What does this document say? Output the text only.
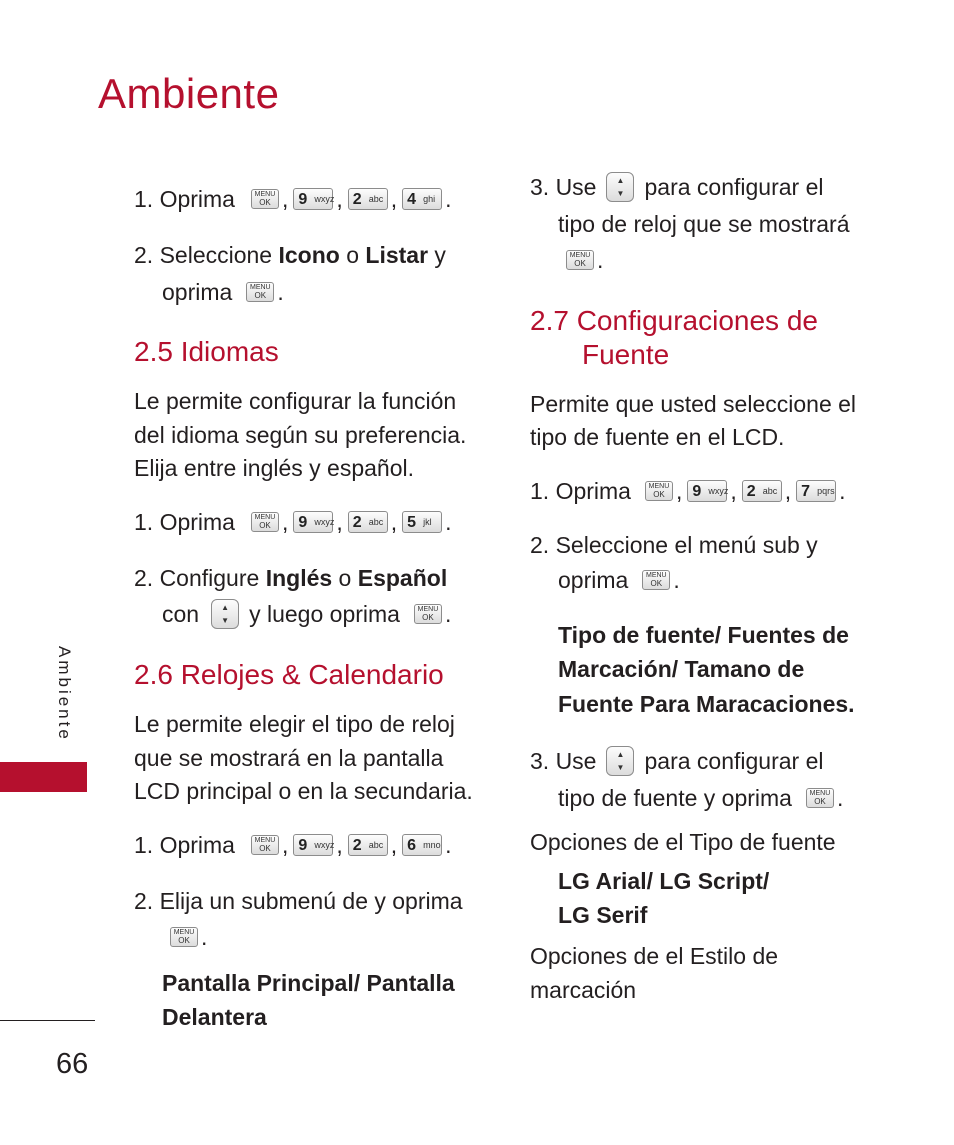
Ambiente
Ambiente
66
1. Oprima	MENU
OK , 9 wxyz , 2 abc , 4 ghi .
2. Seleccione Icono o Listar y
oprima	MENU
OK .
2.5 Idiomas
Le permite configurar la función
del idioma según su preferencia.
Elija entre inglés y español.
1. Oprima	MENU
OK , 9 wxyz , 2 abc , 5 jkl .
2. Configure Inglés o Español
con	▲
▼ y luego oprima	MENU
OK .
2.6 Relojes & Calendario
Le permite elegir el tipo de reloj
que se mostrará en la pantalla
LCD principal o en la secundaria.
1. Oprima	MENU
OK , 9 wxyz , 2 abc , 6 mno .
2. Elija un submenú de y oprima
MENU
OK .
Pantalla Principal/ Pantalla
Delantera
3. Use	▲
▼ para configurar el
tipo de reloj que se mostrará
MENU
OK .
2.7 Configuraciones de
Fuente
Permite que usted seleccione el
tipo de fuente en el LCD.
1. Oprima	MENU
OK , 9 wxyz , 2 abc , 7 pqrs .
2. Seleccione el menú sub y
oprima	MENU
OK .
Tipo de fuente/ Fuentes de
Marcación/ Tamano de
Fuente Para Maracaciones.
3. Use	▲
▼ para configurar el
tipo de fuente y oprima	MENU
OK .
Opciones de el Tipo de fuente
LG Arial/ LG Script/
LG Serif
Opciones de el Estilo de
marcación
